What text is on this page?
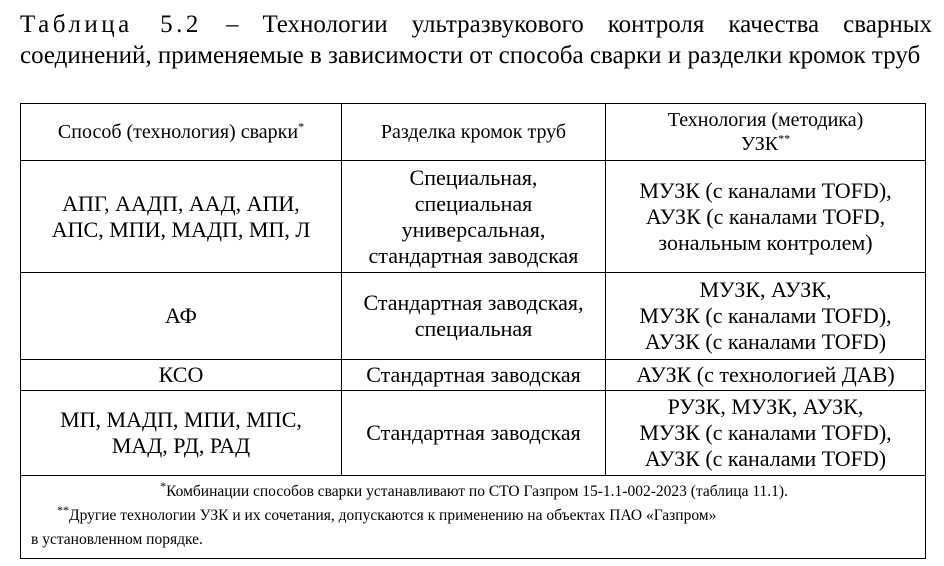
Таблица 5.2 – Технологии ультразвукового контроля качества сварных соединений, применяемые в зависимости от способа сварки и разделки кромок труб
Способ (технология) сварки*	Разделка кромок труб	Технология (методика)
УЗК**

АПГ, ААДП, ААД, АПИ,
АПС, МПИ, МАДП, МП, Л	Специальная,
специальная
универсальная,
стандартная заводская	МУЗК (с каналами TOFD),
АУЗК (с каналами TOFD,
зональным контролем)

АФ	Стандартная заводская,
специальная	МУЗК, АУЗК,
МУЗК (с каналами TOFD),
АУЗК (с каналами TOFD)

КСО	Стандартная заводская	АУЗК (с технологией ДАВ)

МП, МАДП, МПИ, МПС,
МАД, РД, РАД	Стандартная заводская	РУЗК, МУЗК, АУЗК,
МУЗК (с каналами TOFD),
АУЗК (с каналами TOFD)

*Комбинации способов сварки устанавливают по СТО Газпром 15-1.1-002-2023 (таблица 11.1).
**Другие технологии УЗК и их сочетания, допускаются к применению на объектах ПАО «Газпром»
в установленном порядке.		
